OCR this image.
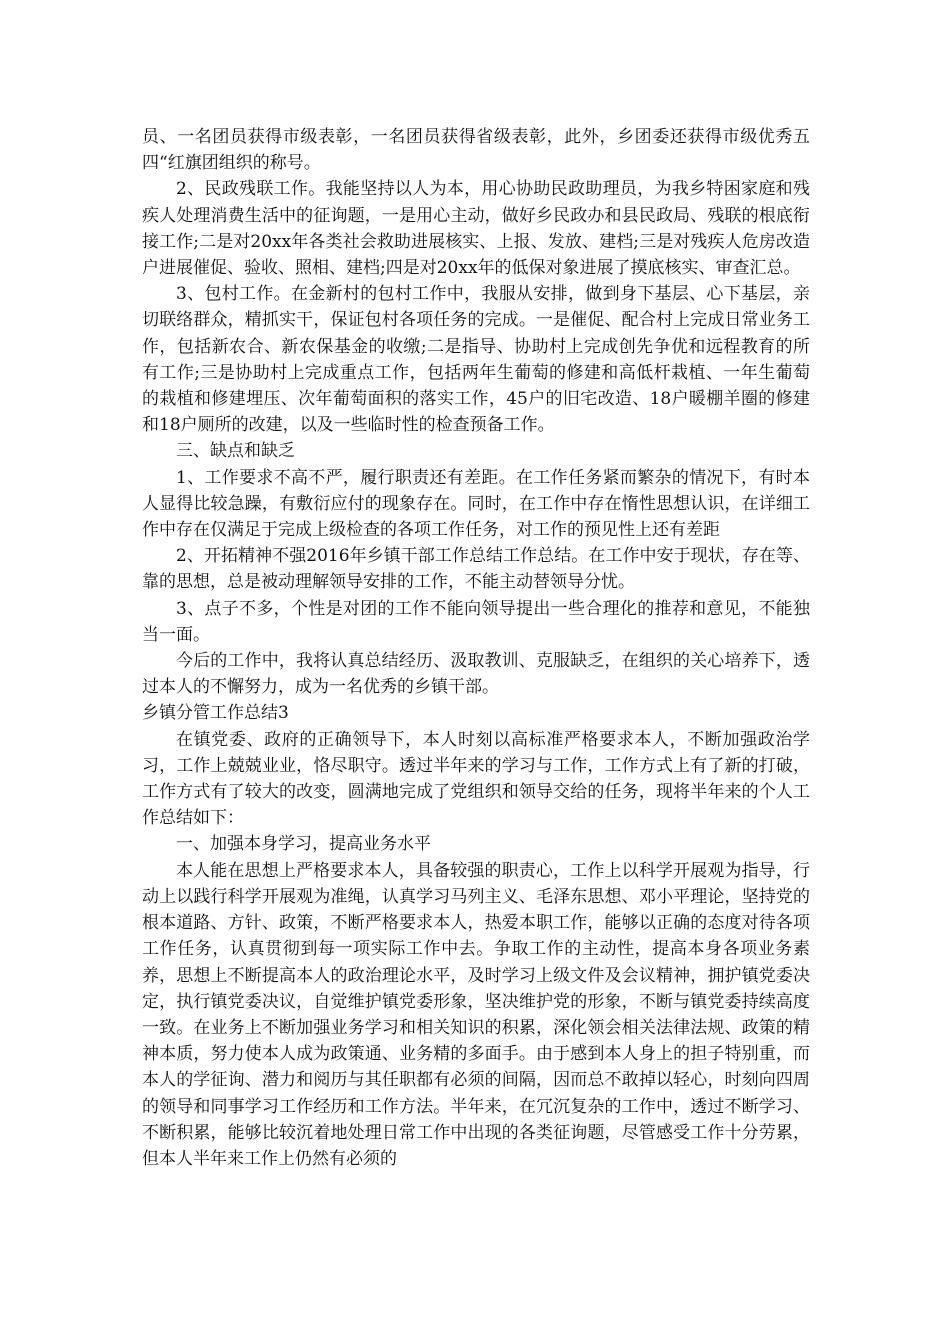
员、一名团员获得市级表彰，一名团员获得省级表彰，此外，乡团委还获得市级优秀五四“红旗团组织的称号。

2、民政残联工作。我能坚持以人为本，用心协助民政助理员，为我乡特困家庭和残疾人处理消费生活中的征询题，一是用心主动，做好乡民政办和县民政局、残联的根底衔接工作;二是对20xx年各类社会救助进展核实、上报、发放、建档;三是对残疾人危房改造户进展催促、验收、照相、建档;四是对20xx年的低保对象进展了摸底核实、审查汇总。

3、包村工作。在金新村的包村工作中，我服从安排，做到身下基层、心下基层，亲切联络群众，精抓实干，保证包村各项任务的完成。一是催促、配合村上完成日常业务工作，包括新农合、新农保基金的收缴;二是指导、协助村上完成创先争优和远程教育的所有工作;三是协助村上完成重点工作，包括两年生葡萄的修建和高低杆栽植、一年生葡萄的栽植和修建埋压、次年葡萄面积的落实工作，45户的旧宅改造、18户暖棚羊圈的修建和18户厕所的改建，以及一些临时性的检查预备工作。

三、缺点和缺乏

1、工作要求不高不严，履行职责还有差距。在工作任务紧而繁杂的情况下，有时本人显得比较急躁，有敷衍应付的现象存在。同时，在工作中存在惰性思想认识，在详细工作中存在仅满足于完成上级检查的各项工作任务，对工作的预见性上还有差距

2、开拓精神不强2016年乡镇干部工作总结工作总结。在工作中安于现状，存在等、靠的思想，总是被动理解领导安排的工作，不能主动替领导分忧。

3、点子不多，个性是对团的工作不能向领导提出一些合理化的推荐和意见，不能独当一面。

今后的工作中，我将认真总结经历、汲取教训、克服缺乏，在组织的关心培养下，透过本人的不懈努力，成为一名优秀的乡镇干部。

乡镇分管工作总结3

在镇党委、政府的正确领导下，本人时刻以高标准严格要求本人，不断加强政治学习，工作上兢兢业业，恪尽职守。透过半年来的学习与工作，工作方式上有了新的打破，工作方式有了较大的改变，圆满地完成了党组织和领导交给的任务，现将半年来的个人工作总结如下：

一、加强本身学习，提高业务水平

本人能在思想上严格要求本人，具备较强的职责心，工作上以科学开展观为指导，行动上以践行科学开展观为准绳，认真学习马列主义、毛泽东思想、邓小平理论，坚持党的根本道路、方针、政策，不断严格要求本人，热爱本职工作，能够以正确的态度对待各项工作任务，认真贯彻到每一项实际工作中去。争取工作的主动性，提高本身各项业务素养，思想上不断提高本人的政治理论水平，及时学习上级文件及会议精神，拥护镇党委决定，执行镇党委决议，自觉维护镇党委形象，坚决维护党的形象，不断与镇党委持续高度一致。在业务上不断加强业务学习和相关知识的积累，深化领会相关法律法规、政策的精神本质，努力使本人成为政策通、业务精的多面手。由于感到本人身上的担子特别重，而本人的学征询、潜力和阅历与其任职都有必须的间隔，因而总不敢掉以轻心，时刻向四周的领导和同事学习工作经历和工作方法。半年来，在冗沉复杂的工作中，透过不断学习、不断积累，能够比较沉着地处理日常工作中出现的各类征询题，尽管感受工作十分劳累，但本人半年来工作上仍然有必须的
